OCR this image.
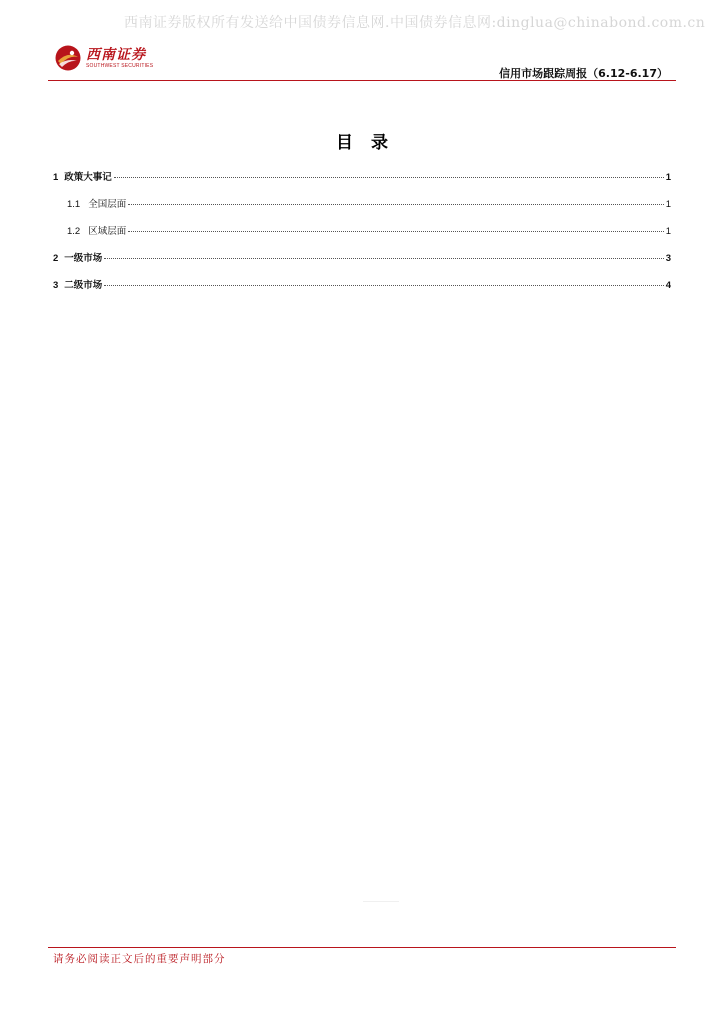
西南证券版权所有发送给中国债券信息网.中国债券信息网:dinglua@chinabond.com.cn
西南证券
SOUTHWEST SECURITIES
信用市场跟踪周报（6.12-6.17）
目录
1 政策大事记	1
1.1 全国层面	1
1.2 区域层面	1
2 一级市场	3
3 二级市场	4
请务必阅读正文后的重要声明部分
